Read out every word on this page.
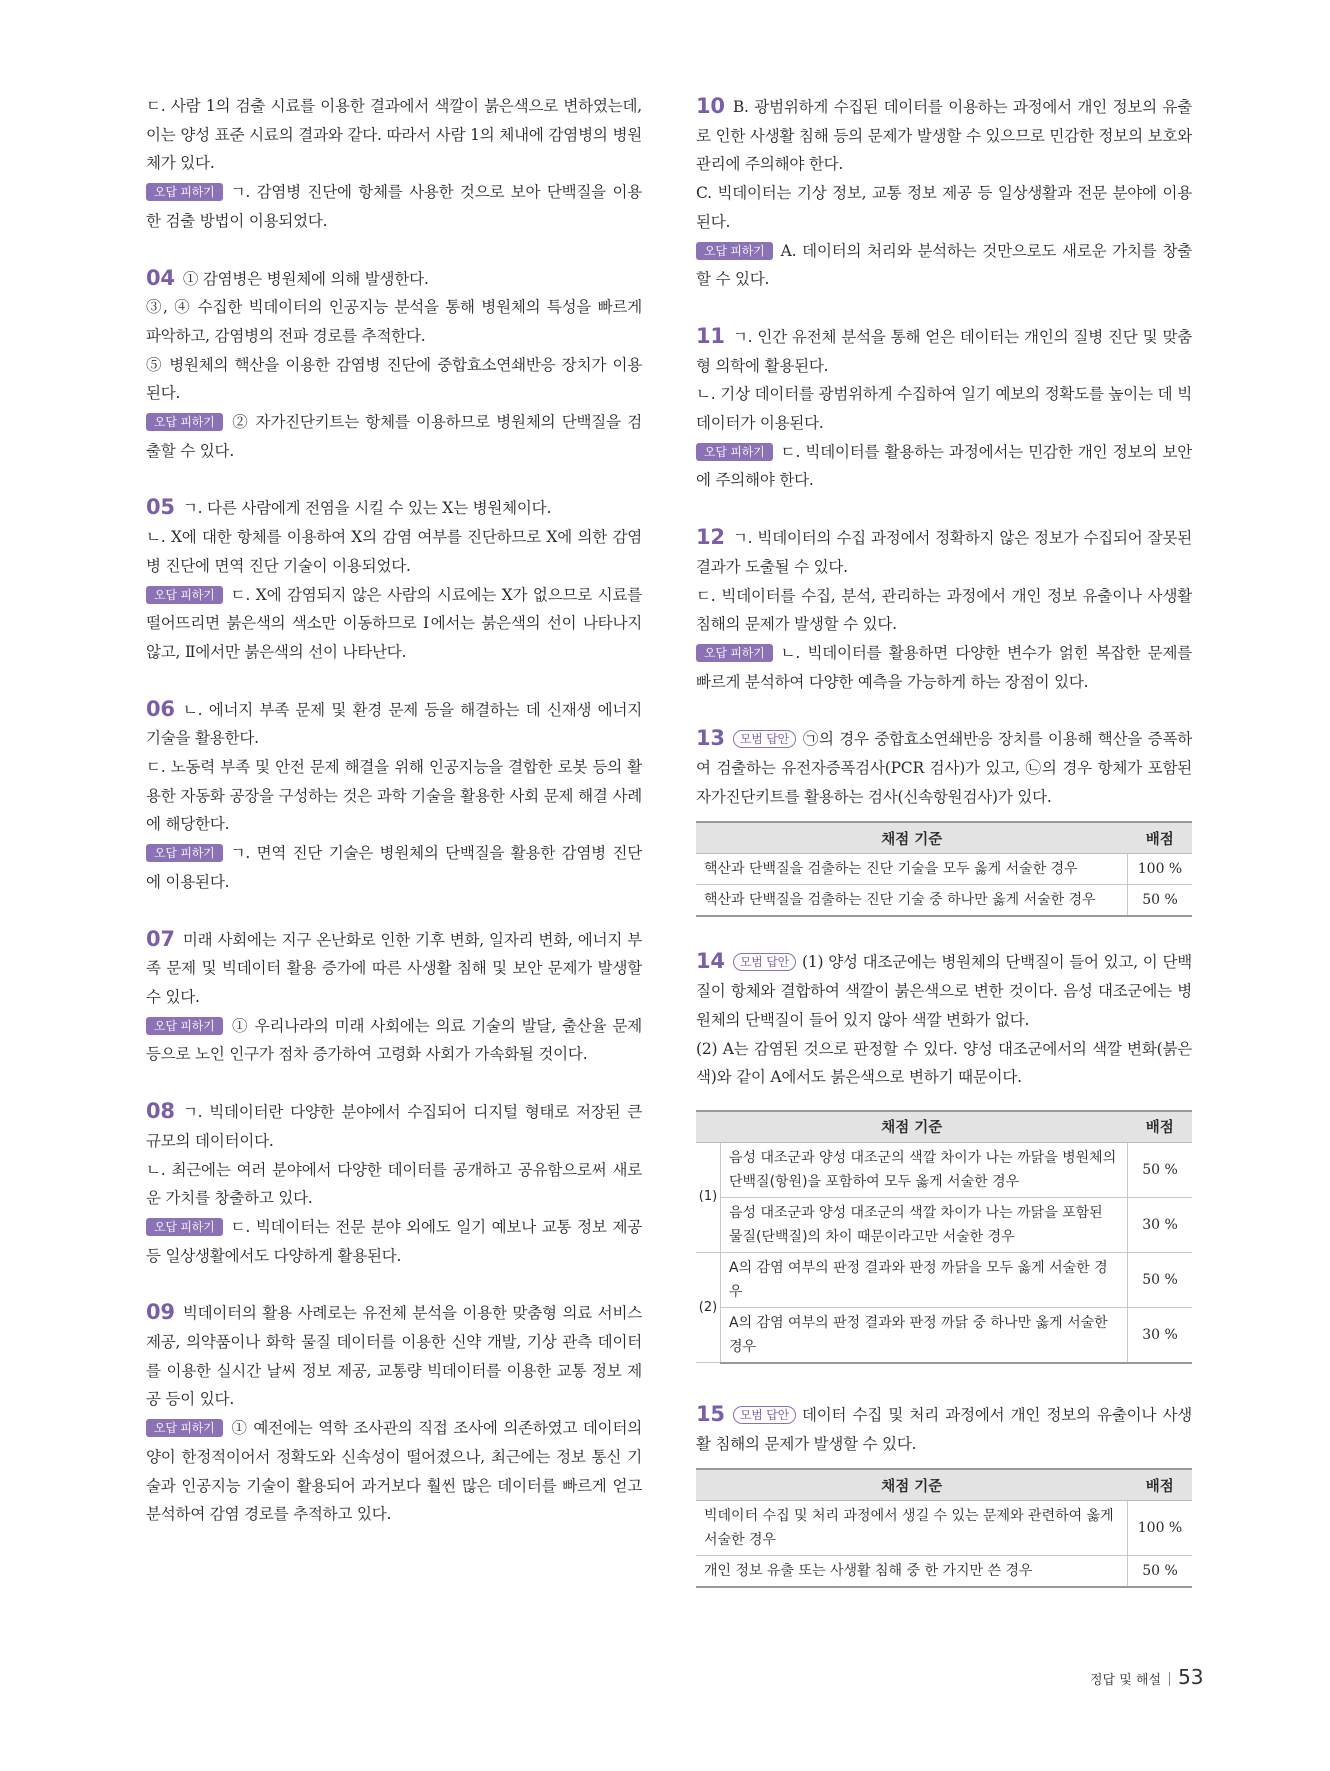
ㄷ. 사람 1의 검출 시료를 이용한 결과에서 색깔이 붉은색으로 변하였는데, 이는 양성 표준 시료의 결과와 같다. 따라서 사람 1의 체내에 감염병의 병원체가 있다.

오답 피하기 ㄱ. 감염병 진단에 항체를 사용한 것으로 보아 단백질을 이용한 검출 방법이 이용되었다.

04 ① 감염병은 병원체에 의해 발생한다.

③, ④ 수집한 빅데이터의 인공지능 분석을 통해 병원체의 특성을 빠르게 파악하고, 감염병의 전파 경로를 추적한다.

⑤ 병원체의 핵산을 이용한 감염병 진단에 중합효소연쇄반응 장치가 이용된다.

오답 피하기 ② 자가진단키트는 항체를 이용하므로 병원체의 단백질을 검출할 수 있다.

05 ㄱ. 다른 사람에게 전염을 시킬 수 있는 X는 병원체이다.

ㄴ. X에 대한 항체를 이용하여 X의 감염 여부를 진단하므로 X에 의한 감염병 진단에 면역 진단 기술이 이용되었다.

오답 피하기 ㄷ. X에 감염되지 않은 사람의 시료에는 X가 없으므로 시료를 떨어뜨리면 붉은색의 색소만 이동하므로 Ⅰ에서는 붉은색의 선이 나타나지 않고, Ⅱ에서만 붉은색의 선이 나타난다.

06 ㄴ. 에너지 부족 문제 및 환경 문제 등을 해결하는 데 신재생 에너지 기술을 활용한다.

ㄷ. 노동력 부족 및 안전 문제 해결을 위해 인공지능을 결합한 로봇 등의 활용한 자동화 공장을 구성하는 것은 과학 기술을 활용한 사회 문제 해결 사례에 해당한다.

오답 피하기 ㄱ. 면역 진단 기술은 병원체의 단백질을 활용한 감염병 진단에 이용된다.

07 미래 사회에는 지구 온난화로 인한 기후 변화, 일자리 변화, 에너지 부족 문제 및 빅데이터 활용 증가에 따른 사생활 침해 및 보안 문제가 발생할 수 있다.

오답 피하기 ① 우리나라의 미래 사회에는 의료 기술의 발달, 출산율 문제 등으로 노인 인구가 점차 증가하여 고령화 사회가 가속화될 것이다.

08 ㄱ. 빅데이터란 다양한 분야에서 수집되어 디지털 형태로 저장된 큰 규모의 데이터이다.

ㄴ. 최근에는 여러 분야에서 다양한 데이터를 공개하고 공유함으로써 새로운 가치를 창출하고 있다.

오답 피하기 ㄷ. 빅데이터는 전문 분야 외에도 일기 예보나 교통 정보 제공 등 일상생활에서도 다양하게 활용된다.

09 빅데이터의 활용 사례로는 유전체 분석을 이용한 맞춤형 의료 서비스 제공, 의약품이나 화학 물질 데이터를 이용한 신약 개발, 기상 관측 데이터를 이용한 실시간 날씨 정보 제공, 교통량 빅데이터를 이용한 교통 정보 제공 등이 있다.

오답 피하기 ① 예전에는 역학 조사관의 직접 조사에 의존하였고 데이터의 양이 한정적이어서 정확도와 신속성이 떨어졌으나, 최근에는 정보 통신 기술과 인공지능 기술이 활용되어 과거보다 훨씬 많은 데이터를 빠르게 얻고 분석하여 감염 경로를 추적하고 있다.

10 B. 광범위하게 수집된 데이터를 이용하는 과정에서 개인 정보의 유출로 인한 사생활 침해 등의 문제가 발생할 수 있으므로 민감한 정보의 보호와 관리에 주의해야 한다.

C. 빅데이터는 기상 정보, 교통 정보 제공 등 일상생활과 전문 분야에 이용된다.

오답 피하기 A. 데이터의 처리와 분석하는 것만으로도 새로운 가치를 창출할 수 있다.

11 ㄱ. 인간 유전체 분석을 통해 얻은 데이터는 개인의 질병 진단 및 맞춤형 의학에 활용된다.

ㄴ. 기상 데이터를 광범위하게 수집하여 일기 예보의 정확도를 높이는 데 빅데이터가 이용된다.

오답 피하기 ㄷ. 빅데이터를 활용하는 과정에서는 민감한 개인 정보의 보안에 주의해야 한다.

12 ㄱ. 빅데이터의 수집 과정에서 정확하지 않은 정보가 수집되어 잘못된 결과가 도출될 수 있다.

ㄷ. 빅데이터를 수집, 분석, 관리하는 과정에서 개인 정보 유출이나 사생활 침해의 문제가 발생할 수 있다.

오답 피하기 ㄴ. 빅데이터를 활용하면 다양한 변수가 얽힌 복잡한 문제를 빠르게 분석하여 다양한 예측을 가능하게 하는 장점이 있다.

13 모범 답안 ㉠의 경우 중합효소연쇄반응 장치를 이용해 핵산을 증폭하여 검출하는 유전자증폭검사(PCR 검사)가 있고, ㉡의 경우 항체가 포함된 자가진단키트를 활용하는 검사(신속항원검사)가 있다.

채점 기준	배점
핵산과 단백질을 검출하는 진단 기술을 모두 옳게 서술한 경우	100 %
핵산과 단백질을 검출하는 진단 기술 중 하나만 옳게 서술한 경우	50 %

14 모범 답안 (1) 양성 대조군에는 병원체의 단백질이 들어 있고, 이 단백질이 항체와 결합하여 색깔이 붉은색으로 변한 것이다. 음성 대조군에는 병원체의 단백질이 들어 있지 않아 색깔 변화가 없다.

(2) A는 감염된 것으로 판정할 수 있다. 양성 대조군에서의 색깔 변화(붉은색)와 같이 A에서도 붉은색으로 변하기 때문이다.

채점 기준		배점
(1)	음성 대조군과 양성 대조군의 색깔 차이가 나는 까닭을 병원체의 단백질(항원)을 포함하여 모두 옳게 서술한 경우	50 %
	음성 대조군과 양성 대조군의 색깔 차이가 나는 까닭을 포함된 물질(단백질)의 차이 때문이라고만 서술한 경우	30 %
(2)	A의 감염 여부의 판정 결과와 판정 까닭을 모두 옳게 서술한 경우	50 %
	A의 감염 여부의 판정 결과와 판정 까닭 중 하나만 옳게 서술한 경우	30 %

15 모범 답안 데이터 수집 및 처리 과정에서 개인 정보의 유출이나 사생활 침해의 문제가 발생할 수 있다.

채점 기준	배점
빅데이터 수집 및 처리 과정에서 생길 수 있는 문제와 관련하여 옳게 서술한 경우	100 %
개인 정보 유출 또는 사생활 침해 중 한 가지만 쓴 경우	50 %
정답 및 해설 53
